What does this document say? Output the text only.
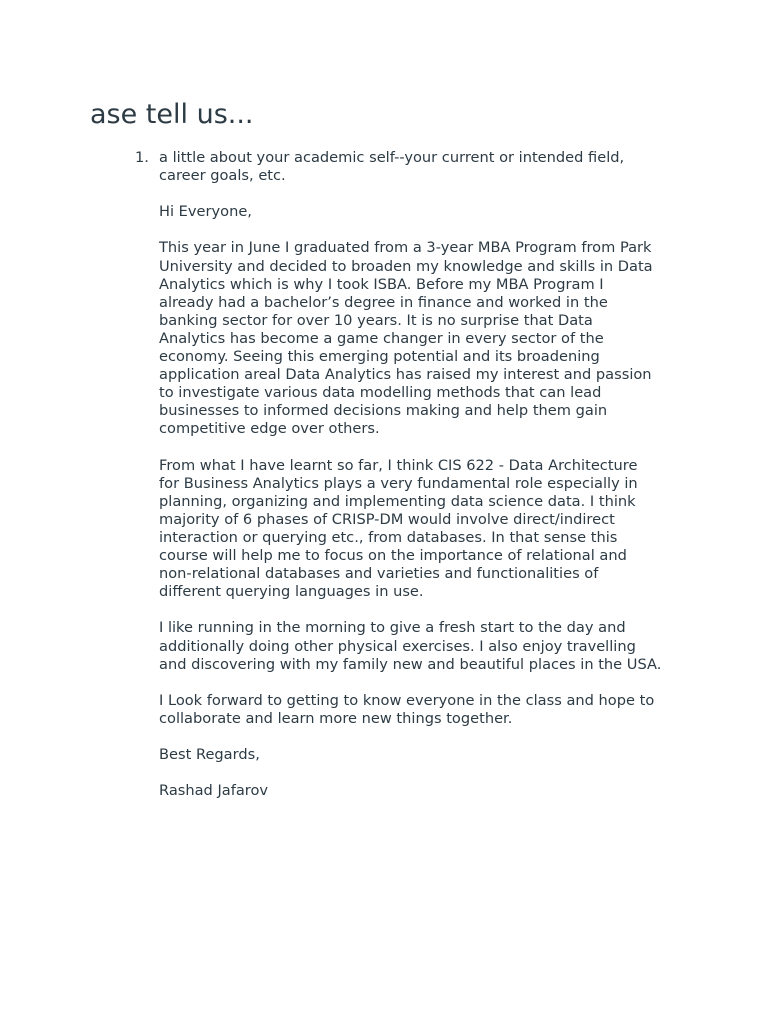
ase tell us...
1. a little about your academic self--your current or intended field,
career goals, etc.

Hi Everyone,

This year in June I graduated from a 3-year MBA Program from Park
University and decided to broaden my knowledge and skills in Data
Analytics which is why I took ISBA. Before my MBA Program I
already had a bachelor’s degree in finance and worked in the
banking sector for over 10 years. It is no surprise that Data
Analytics has become a game changer in every sector of the
economy. Seeing this emerging potential and its broadening
application areal Data Analytics has raised my interest and passion
to investigate various data modelling methods that can lead
businesses to informed decisions making and help them gain
competitive edge over others.

From what I have learnt so far, I think CIS 622 - Data Architecture
for Business Analytics plays a very fundamental role especially in
planning, organizing and implementing data science data. I think
majority of 6 phases of CRISP-DM would involve direct/indirect
interaction or querying etc., from databases. In that sense this
course will help me to focus on the importance of relational and
non-relational databases and varieties and functionalities of
different querying languages in use.

I like running in the morning to give a fresh start to the day and
additionally doing other physical exercises. I also enjoy travelling
and discovering with my family new and beautiful places in the USA.

I Look forward to getting to know everyone in the class and hope to
collaborate and learn more new things together.

Best Regards,

Rashad Jafarov
